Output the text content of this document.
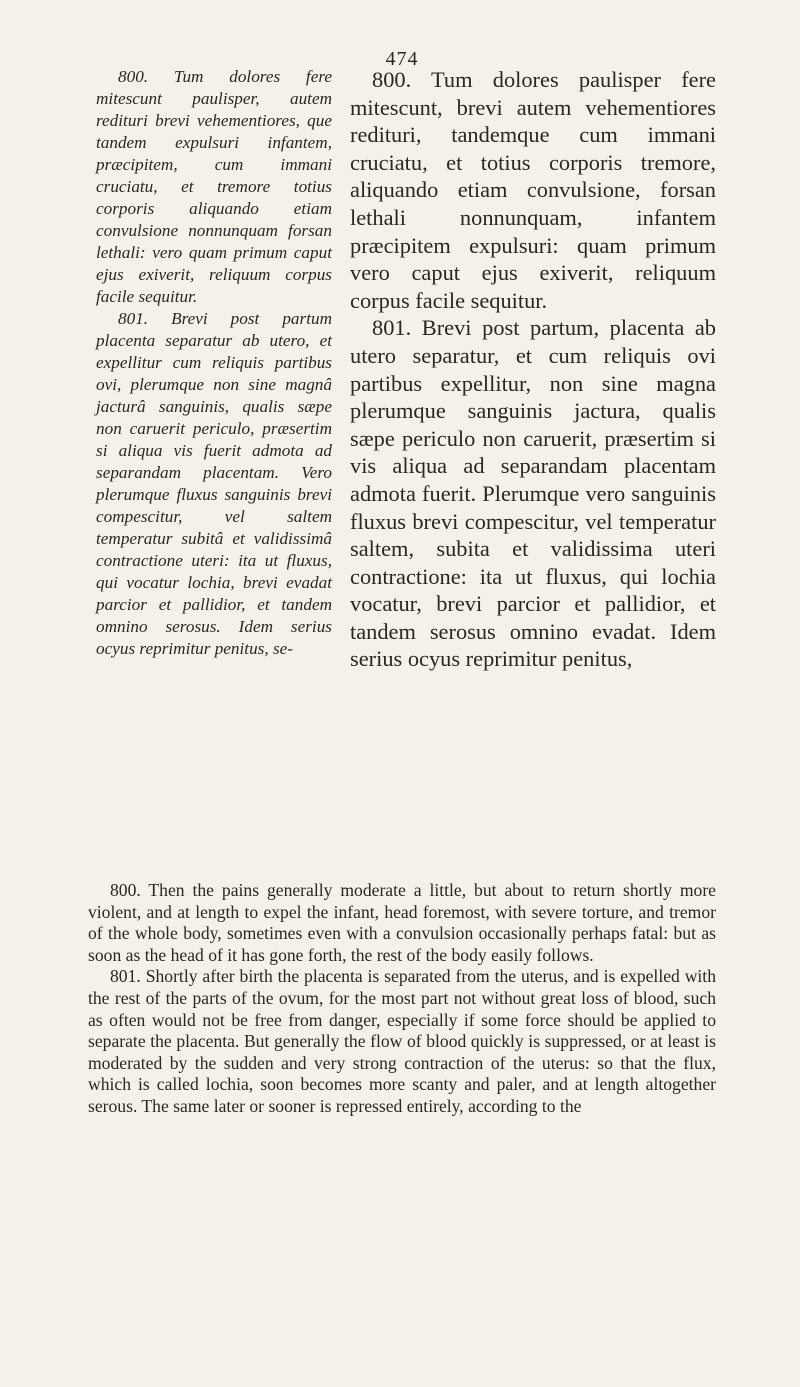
474

800. Tum dolores fere mitescunt paulisper, autem redituri brevi vehementiores, que tandem expulsuri infantem, præcipitem, cum immani cruciatu, et tremore totius corporis aliquando etiam convulsione nonnunquam forsan lethali: vero quam primum caput ejus exiverit, reliquum corpus facile sequitur.

801. Brevi post partum placenta separatur ab utero, et expellitur cum reliquis partibus ovi, plerumque non sine magnâ jacturâ sanguinis, qualis sæpe non caruerit periculo, præsertim si aliqua vis fuerit admota ad separandam placentam. Vero plerumque fluxus sanguinis brevi compescitur, vel saltem temperatur subitâ et validissimâ contractione uteri: ita ut fluxus, qui vocatur lochia, brevi evadat parcior et pallidior, et tandem omnino serosus. Idem serius ocyus reprimitur penitus, se-

800. Tum dolores paulisper fere mitescunt, brevi autem vehementiores redituri, tandemque cum immani cruciatu, et totius corporis tremore, aliquando etiam convulsione, forsan lethali nonnunquam, infantem præcipitem expulsuri: quam primum vero caput ejus exiverit, reliquum corpus facile sequitur.

801. Brevi post partum, placenta ab utero separatur, et cum reliquis ovi partibus expellitur, non sine magna plerumque sanguinis jactura, qualis sæpe periculo non caruerit, præsertim si vis aliqua ad separandam placentam admota fuerit. Plerumque vero sanguinis fluxus brevi compescitur, vel temperatur saltem, subita et validissima uteri contractione: ita ut fluxus, qui lochia vocatur, brevi parcior et pallidior, et tandem serosus omnino evadat. Idem serius ocyus reprimitur penitus,

800. Then the pains generally moderate a little, but about to return shortly more violent, and at length to expel the infant, head foremost, with severe torture, and tremor of the whole body, sometimes even with a convulsion occasionally perhaps fatal: but as soon as the head of it has gone forth, the rest of the body easily follows.

801. Shortly after birth the placenta is separated from the uterus, and is expelled with the rest of the parts of the ovum, for the most part not without great loss of blood, such as often would not be free from danger, especially if some force should be applied to separate the placenta. But generally the flow of blood quickly is suppressed, or at least is moderated by the sudden and very strong contraction of the uterus: so that the flux, which is called lochia, soon becomes more scanty and paler, and at length altogether serous. The same later or sooner is repressed entirely, according to the
